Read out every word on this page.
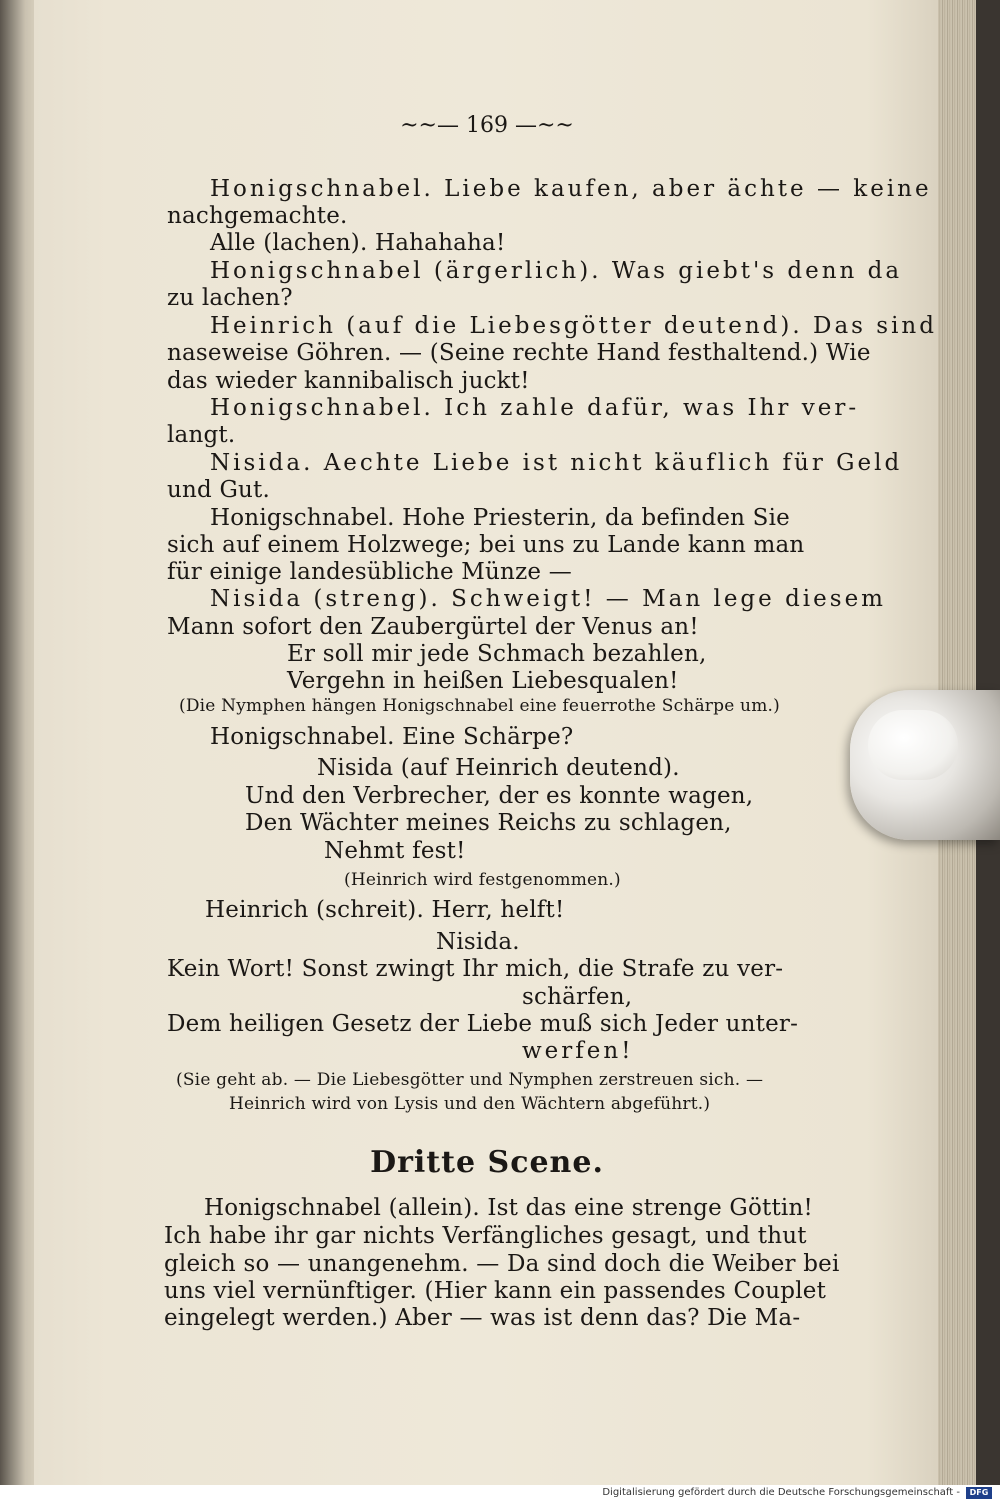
~~— 169 —~~
Honigschnabel. Liebe kaufen, aber ächte — keine
nachgemachte.
Alle (lachen). Hahahaha!
Honigschnabel (ärgerlich). Was giebt's denn da
zu lachen?
Heinrich (auf die Liebesgötter deutend). Das sind
naseweise Göhren. — (Seine rechte Hand festhaltend.) Wie
das wieder kannibalisch juckt!
Honigschnabel. Ich zahle dafür, was Ihr ver-
langt.
Nisida. Aechte Liebe ist nicht käuflich für Geld
und Gut.
Honigschnabel. Hohe Priesterin, da befinden Sie
sich auf einem Holzwege; bei uns zu Lande kann man
für einige landesübliche Münze —
Nisida (streng). Schweigt! — Man lege diesem
Mann sofort den Zaubergürtel der Venus an!
Er soll mir jede Schmach bezahlen,
Vergehn in heißen Liebesqualen!
(Die Nymphen hängen Honigschnabel eine feuerrothe Schärpe um.)
Honigschnabel. Eine Schärpe?
Nisida (auf Heinrich deutend).
Und den Verbrecher, der es konnte wagen,
Den Wächter meines Reichs zu schlagen,
Nehmt fest!
(Heinrich wird festgenommen.)
Heinrich (schreit). Herr, helft!
Nisida.
Kein Wort! Sonst zwingt Ihr mich, die Strafe zu ver-
schärfen,
Dem heiligen Gesetz der Liebe muß sich Jeder unter-
werfen!
(Sie geht ab. — Die Liebesgötter und Nymphen zerstreuen sich. —
Heinrich wird von Lysis und den Wächtern abgeführt.)
Dritte Scene.
Honigschnabel (allein). Ist das eine strenge Göttin!
Ich habe ihr gar nichts Verfängliches gesagt, und thut
gleich so — unangenehm. — Da sind doch die Weiber bei
uns viel vernünftiger. (Hier kann ein passendes Couplet
eingelegt werden.) Aber — was ist denn das? Die Ma-
Digitalisierung gefördert durch die Deutsche Forschungsgemeinschaft -	DFG
